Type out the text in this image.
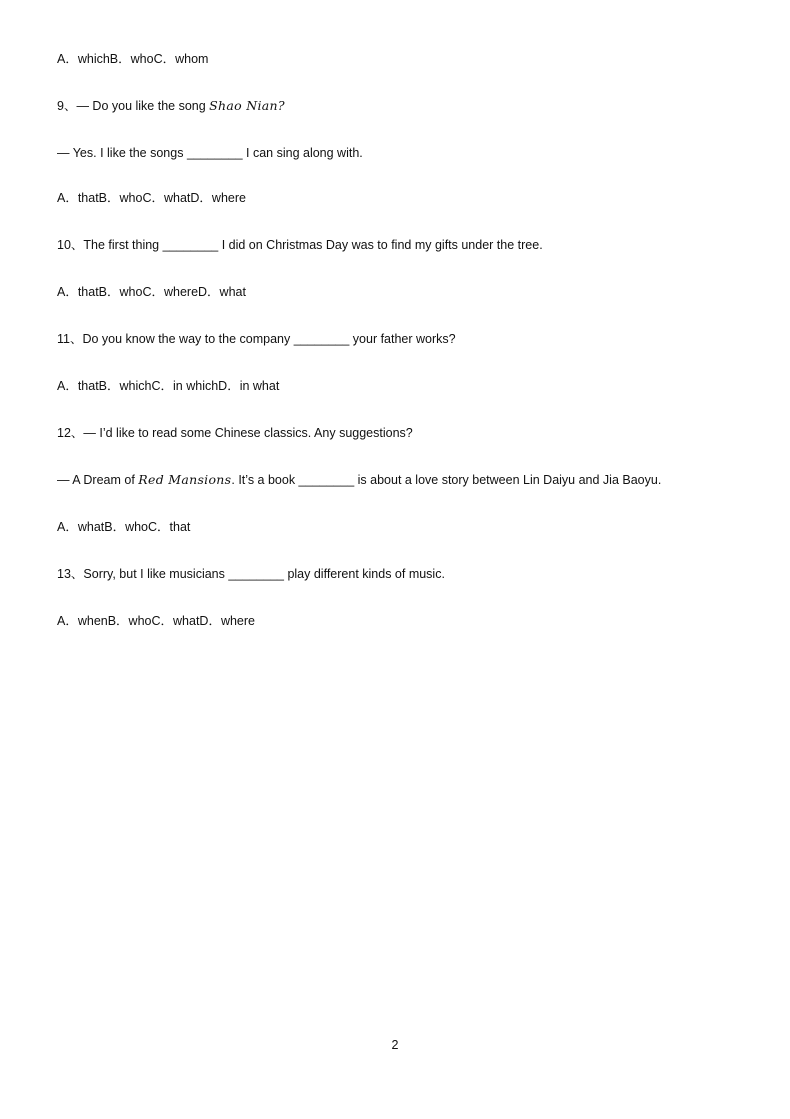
A．whichB．whoC．whom
9、— Do you like the song Shao Nian?
— Yes. I like the songs ________ I can sing along with.
A．thatB．whoC．whatD．where
10、The first thing ________ I did on Christmas Day was to find my gifts under the tree.
A．thatB．whoC．whereD．what
11、Do you know the way to the company ________ your father works?
A．thatB．whichC．in whichD．in what
12、— I’d like to read some Chinese classics. Any suggestions?
— A Dream of Red Mansions. It’s a book ________ is about a love story between Lin Daiyu and Jia Baoyu.
A．whatB．whoC．that
13、Sorry, but I like musicians ________ play different kinds of music.
A．whenB．whoC．whatD．where
2
